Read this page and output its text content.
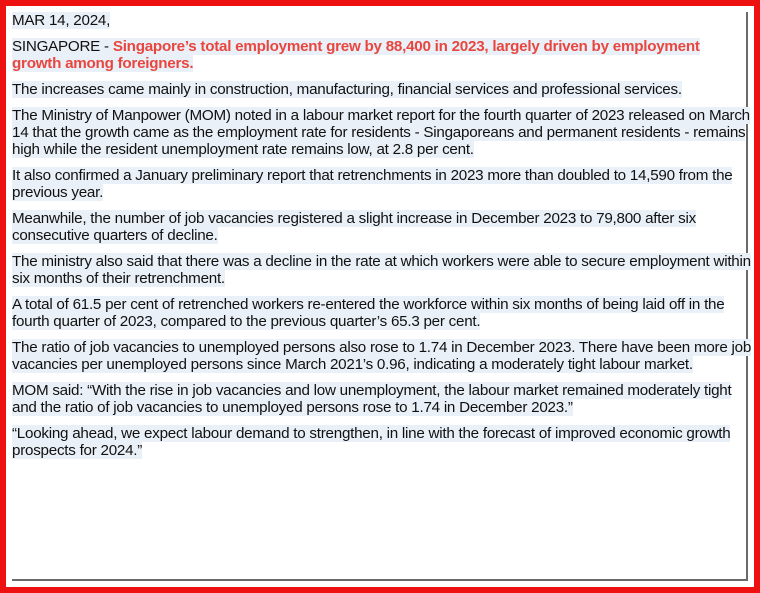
MAR 14, 2024,
SINGAPORE - Singapore’s total employment grew by 88,400 in 2023, largely driven by employment growth among foreigners.
The increases came mainly in construction, manufacturing, financial services and professional services.
The Ministry of Manpower (MOM) noted in a labour market report for the fourth quarter of 2023 released on March 14 that the growth came as the employment rate for residents - Singaporeans and permanent residents - remains high while the resident unemployment rate remains low, at 2.8 per cent.
It also confirmed a January preliminary report that retrenchments in 2023 more than doubled to 14,590 from the previous year.
Meanwhile, the number of job vacancies registered a slight increase in December 2023 to 79,800 after six consecutive quarters of decline.
The ministry also said that there was a decline in the rate at which workers were able to secure employment within six months of their retrenchment.
A total of 61.5 per cent of retrenched workers re-entered the workforce within six months of being laid off in the fourth quarter of 2023, compared to the previous quarter’s 65.3 per cent.
The ratio of job vacancies to unemployed persons also rose to 1.74 in December 2023. There have been more job vacancies per unemployed persons since March 2021’s 0.96, indicating a moderately tight labour market.
MOM said: “With the rise in job vacancies and low unemployment, the labour market remained moderately tight and the ratio of job vacancies to unemployed persons rose to 1.74 in December 2023.”
“Looking ahead, we expect labour demand to strengthen, in line with the forecast of improved economic growth prospects for 2024.”
